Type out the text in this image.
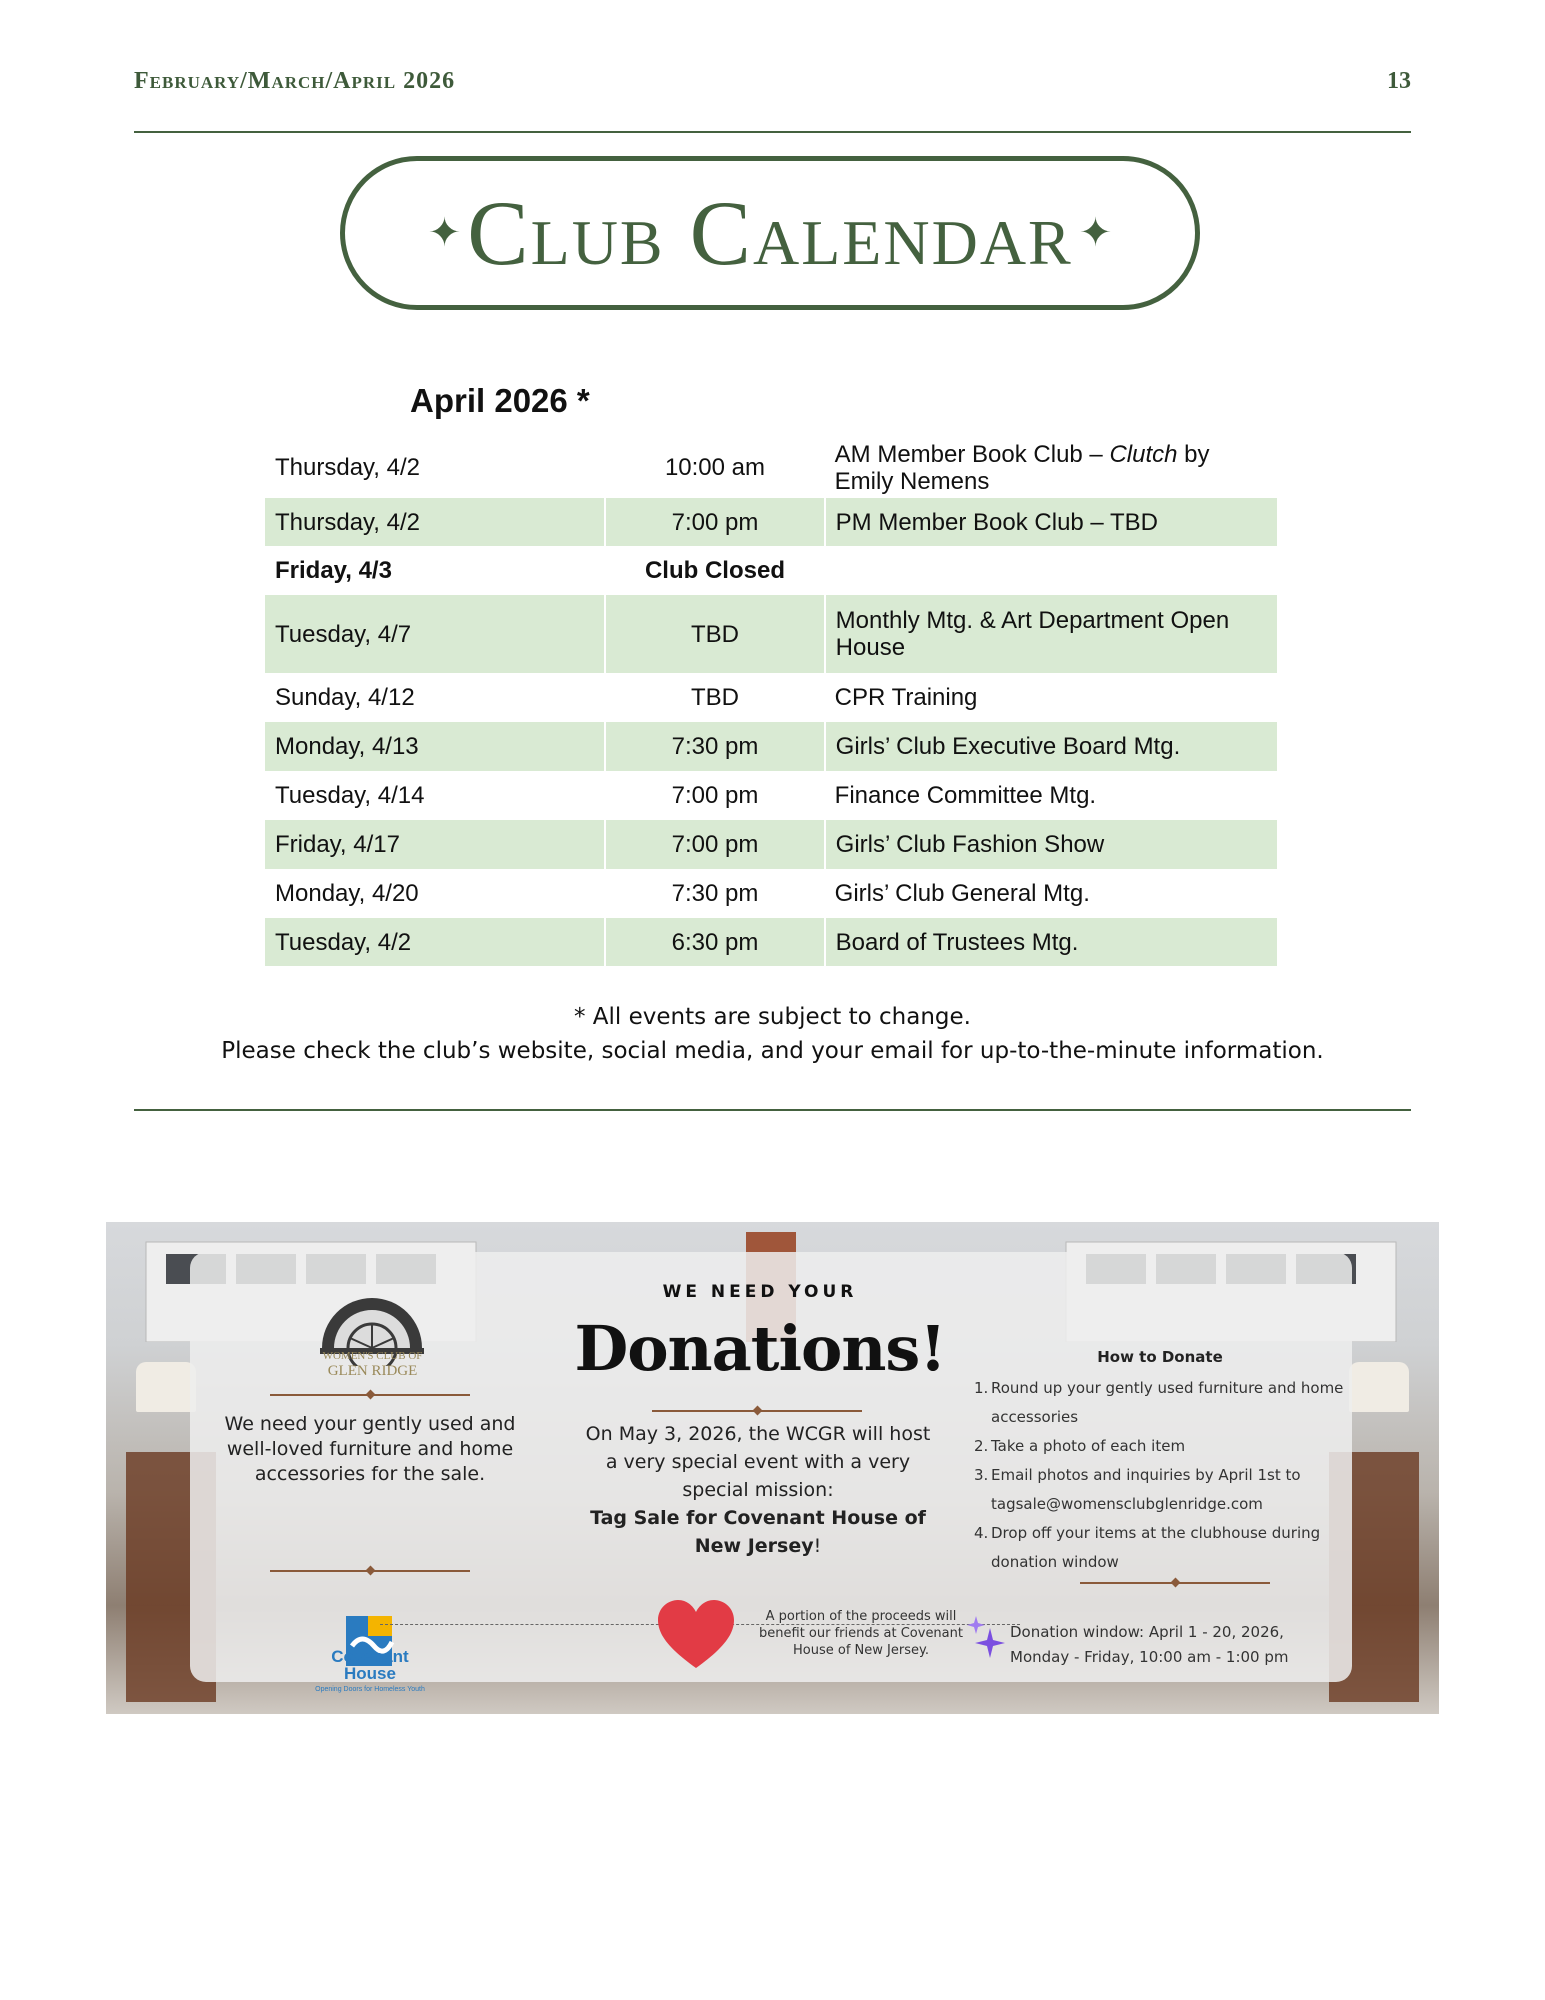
February/March/April 2026	13
✦ Club Calendar ✦
April 2026 *
Thursday, 4/2	10:00 am	AM Member Book Club – Clutch by Emily Nemens
Thursday, 4/2	7:00 pm	PM Member Book Club – TBD
Friday, 4/3	Club Closed	
Tuesday, 4/7	TBD	Monthly Mtg. & Art Department Open House
Sunday, 4/12	TBD	CPR Training
Monday, 4/13	7:30 pm	Girls’ Club Executive Board Mtg.
Tuesday, 4/14	7:00 pm	Finance Committee Mtg.
Friday, 4/17	7:00 pm	Girls’ Club Fashion Show
Monday, 4/20	7:30 pm	Girls’ Club General Mtg.
Tuesday, 4/2	6:30 pm	Board of Trustees Mtg.
* All events are subject to change.
Please check the club’s website, social media, and your email for up-to-the-minute information.
WOMEN'S CLUB OF
GLEN RIDGE
We need your gently used and well-loved furniture and home accessories for the sale.
Covenant
House
Opening Doors for Homeless Youth
WE NEED YOUR
Donations!
On May 3, 2026, the WCGR will host a very special event with a very special mission:
Tag Sale for Covenant House of New Jersey!
A portion of the proceeds will benefit our friends at Covenant House of New Jersey.
How to Donate
1. Round up your gently used furniture and home accessories
2. Take a photo of each item
3. Email photos and inquiries by April 1st to tagsale@womensclubglenridge.com
4. Drop off your items at the clubhouse during donation window
Donation window: April 1 - 20, 2026,
Monday - Friday, 10:00 am - 1:00 pm
